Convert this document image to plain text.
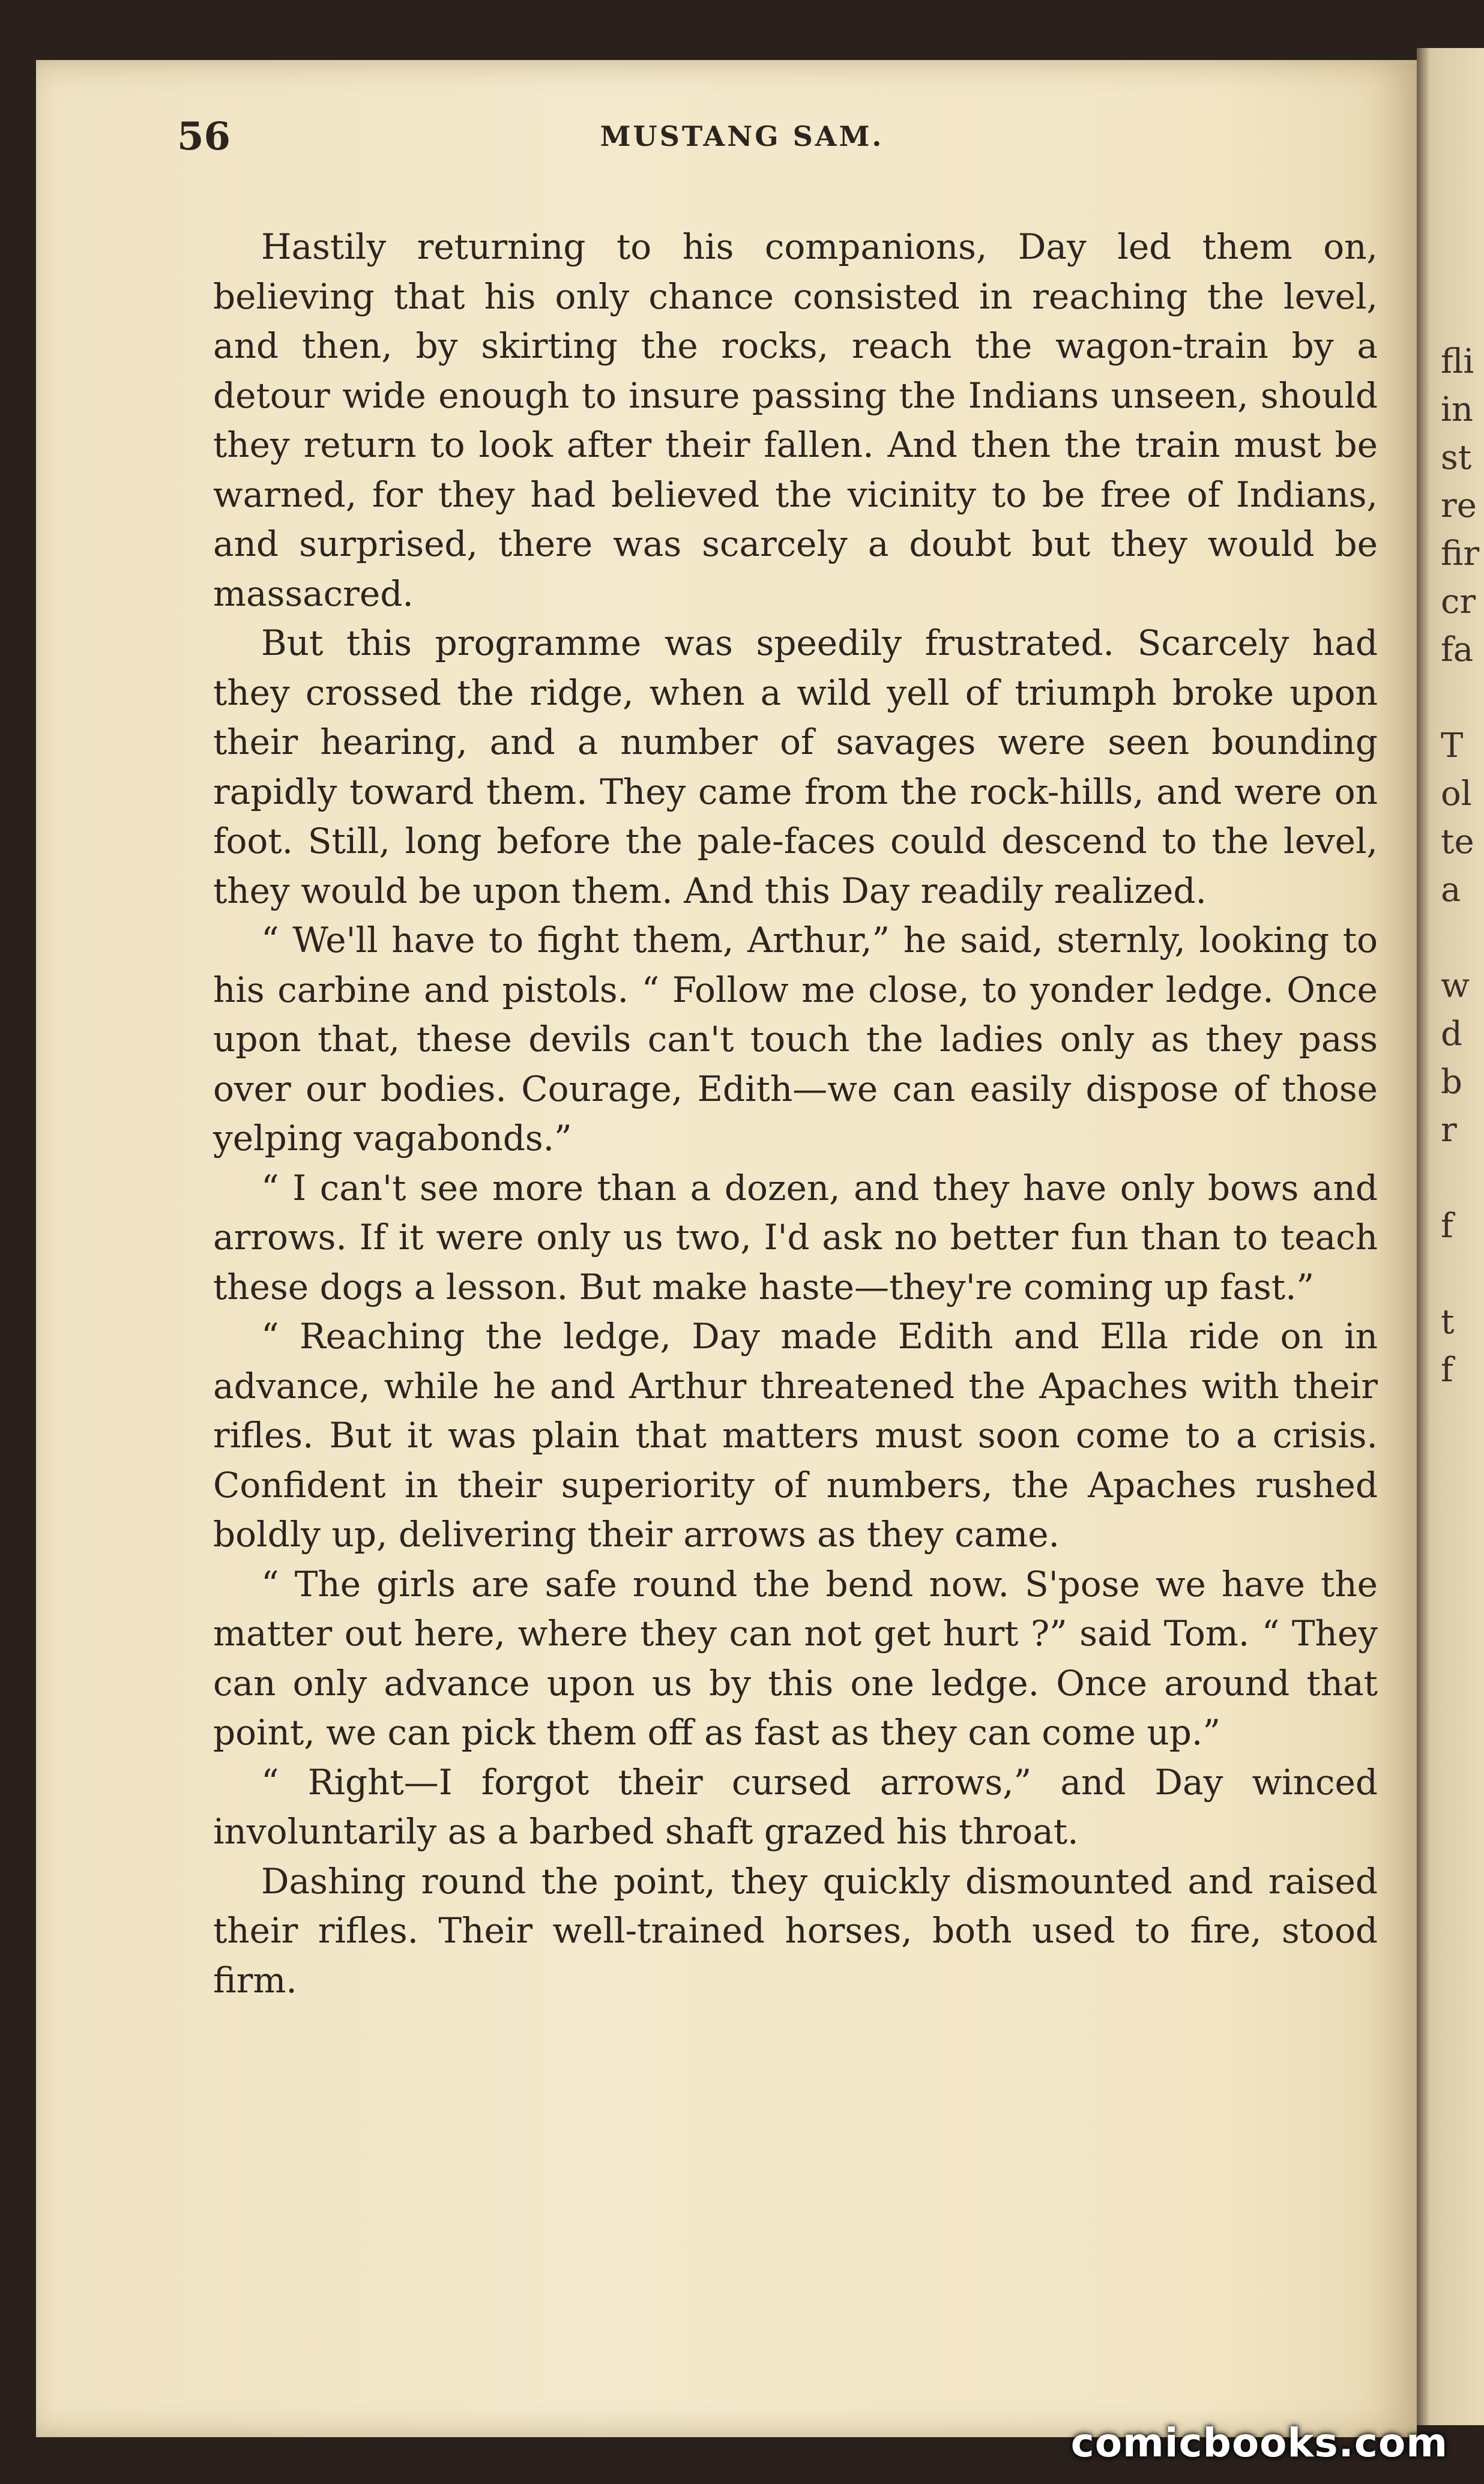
fli
in
st
re
fir
cr
fa
T
ol
te
a
w
d
b
r
f
t
f
56	MUSTANG SAM.

Hastily returning to his companions, Day led them on, believing that his only chance consisted in reaching the level, and then, by skirting the rocks, reach the wagon-train by a detour wide enough to insure passing the Indians unseen, should they return to look after their fallen. And then the train must be warned, for they had believed the vicinity to be free of Indians, and surprised, there was scarcely a doubt but they would be massacred.

But this programme was speedily frustrated. Scarcely had they crossed the ridge, when a wild yell of triumph broke upon their hearing, and a number of savages were seen bounding rapidly toward them. They came from the rock-hills, and were on foot. Still, long before the pale-faces could descend to the level, they would be upon them. And this Day readily realized.

“ We'll have to fight them, Arthur,” he said, sternly, looking to his carbine and pistols. “ Follow me close, to yonder ledge. Once upon that, these devils can't touch the ladies only as they pass over our bodies. Courage, Edith—we can easily dispose of those yelping vagabonds.”

“ I can't see more than a dozen, and they have only bows and arrows. If it were only us two, I'd ask no better fun than to teach these dogs a lesson. But make haste—they're coming up fast.”

“ Reaching the ledge, Day made Edith and Ella ride on in advance, while he and Arthur threatened the Apaches with their rifles. But it was plain that matters must soon come to a crisis. Confident in their superiority of numbers, the Apaches rushed boldly up, delivering their arrows as they came.

“ The girls are safe round the bend now. S'pose we have the matter out here, where they can not get hurt ?” said Tom. “ They can only advance upon us by this one ledge. Once around that point, we can pick them off as fast as they can come up.”

“ Right—I forgot their cursed arrows,” and Day winced involuntarily as a barbed shaft grazed his throat.

Dashing round the point, they quickly dismounted and raised their rifles. Their well-trained horses, both used to fire, stood firm.

comicbooks.com
